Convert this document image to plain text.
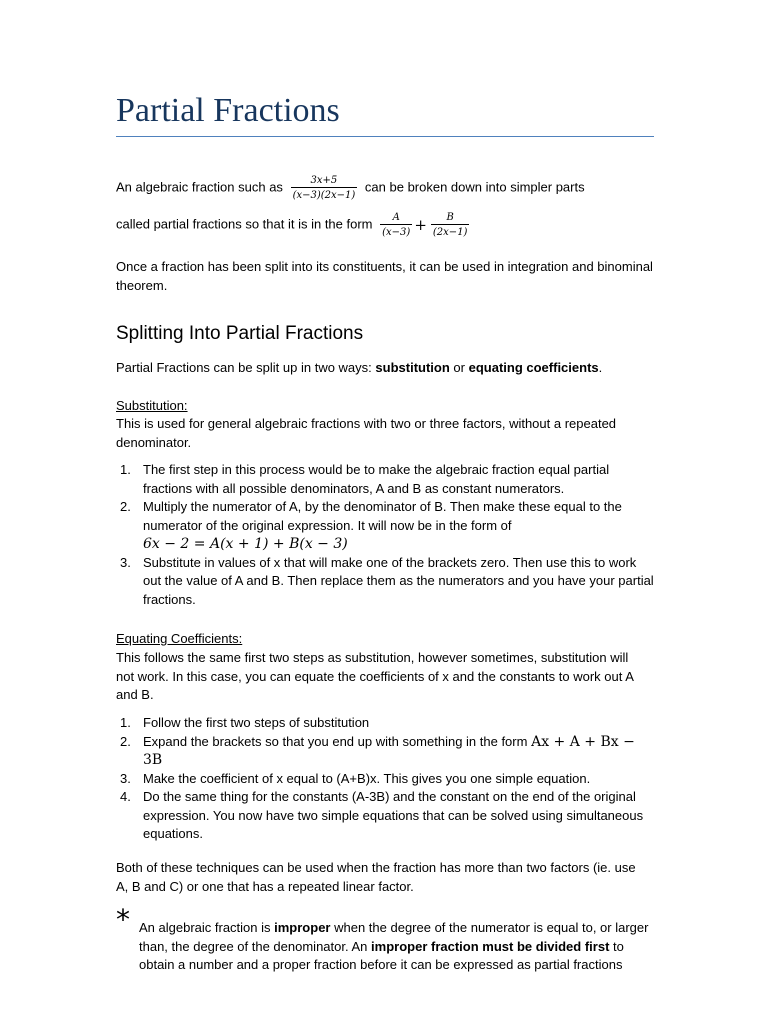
Partial Fractions

An algebraic fraction such as $\frac{3x+5}{(x-3)(2x-1)}$ can be broken down into simpler parts

called partial fractions so that it is in the form $\frac{A}{(x-3)} + \frac{B}{(2x-1)}$

Once a fraction has been split into its constituents, it can be used in integration and binominal theorem.

Splitting Into Partial Fractions

Partial Fractions can be split up in two ways: substitution or equating coefficients.

Substitution:

This is used for general algebraic fractions with two or three factors, without a repeated denominator.

1. The first step in this process would be to make the algebraic fraction equal partial fractions with all possible denominators, A and B as constant numerators.
2. Multiply the numerator of A, by the denominator of B. Then make these equal to the numerator of the original expression. It will now be in the form of
6x − 2 = A(x + 1) + B(x − 3)
3. Substitute in values of x that will make one of the brackets zero. Then use this to work out the value of A and B. Then replace them as the numerators and you have your partial fractions.

Equating Coefficients:

This follows the same first two steps as substitution, however sometimes, substitution will not work. In this case, you can equate the coefficients of x and the constants to work out A and B.

1. Follow the first two steps of substitution
2. Expand the brackets so that you end up with something in the form Ax + A + Bx − 3B
3. Make the coefficient of x equal to (A+B)x. This gives you one simple equation.
4. Do the same thing for the constants (A-3B) and the constant on the end of the original expression. You now have two simple equations that can be solved using simultaneous equations.

Both of these techniques can be used when the fraction has more than two factors (ie. use A, B and C) or one that has a repeated linear factor.

* An algebraic fraction is improper when the degree of the numerator is equal to, or larger than, the degree of the denominator. An improper fraction must be divided first to obtain a number and a proper fraction before it can be expressed as partial fractions
